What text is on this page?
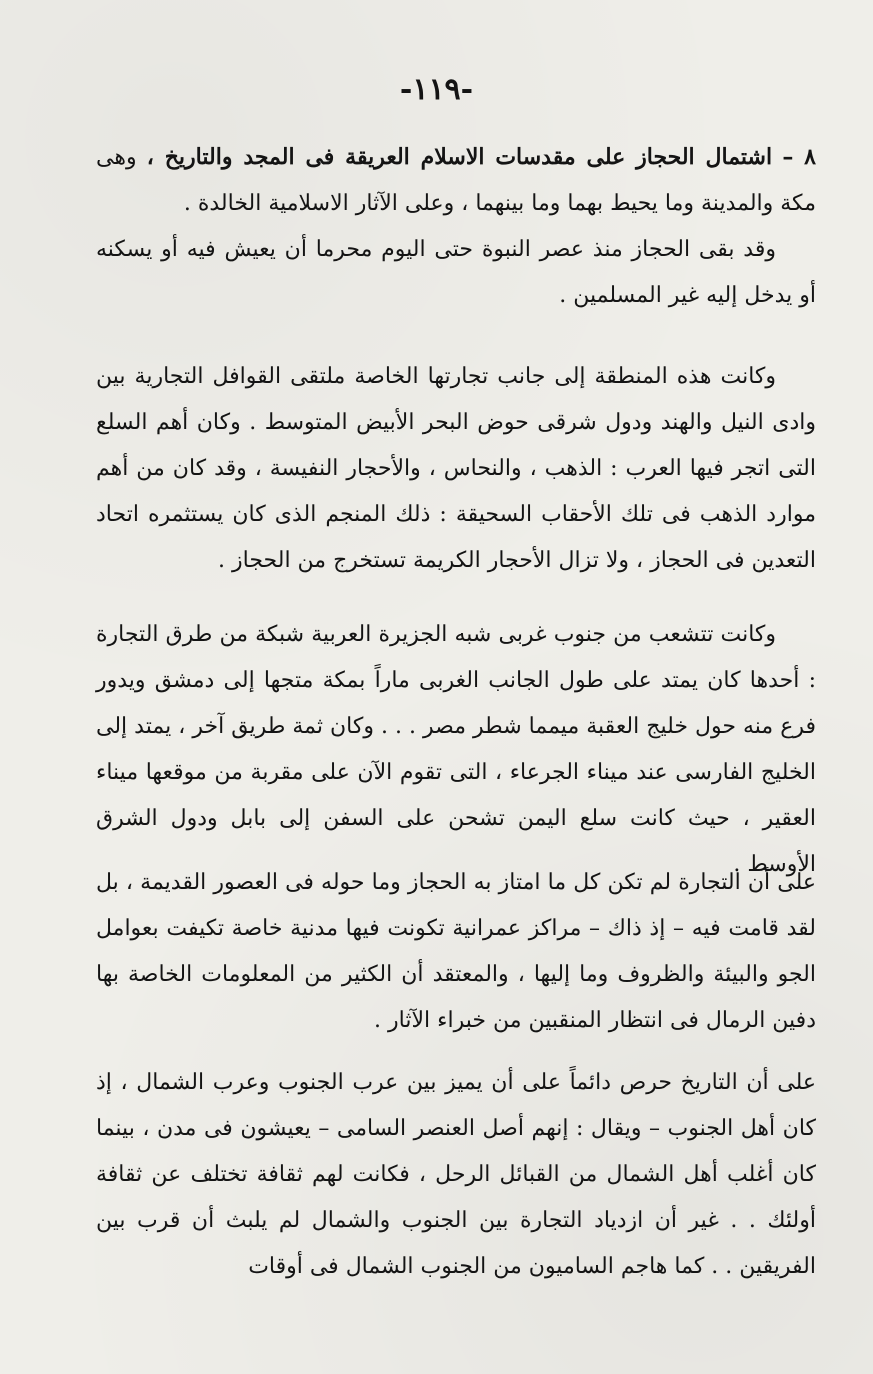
-١١٩-

٨ – اشتمال الحجاز على مقدسات الاسلام العريقة فى المجد والتاريخ ، وهى مكة والمدينة وما يحيط بهما وما بينهما ، وعلى الآثار الاسلامية الخالدة .

وقد بقى الحجاز منذ عصر النبوة حتى اليوم محرما أن يعيش فيه أو يسكنه أو يدخل إليه غير المسلمين .

وكانت هذه المنطقة إلى جانب تجارتها الخاصة ملتقى القوافل التجارية بين وادى النيل والهند ودول شرقى حوض البحر الأبيض المتوسط . وكان أهم السلع التى اتجر فيها العرب : الذهب ، والنحاس ، والأحجار النفيسة ، وقد كان من أهم موارد الذهب فى تلك الأحقاب السحيقة : ذلك المنجم الذى كان يستثمره اتحاد التعدين فى الحجاز ، ولا تزال الأحجار الكريمة تستخرج من الحجاز .

وكانت تتشعب من جنوب غربى شبه الجزيرة العربية شبكة من طرق التجارة : أحدها كان يمتد على طول الجانب الغربى ماراً بمكة متجها إلى دمشق ويدور فرع منه حول خليج العقبة ميمما شطر مصر . . . وكان ثمة طريق آخر ، يمتد إلى الخليج الفارسى عند ميناء الجرعاء ، التى تقوم الآن على مقربة من موقعها ميناء العقير ، حيث كانت سلع اليمن تشحن على السفن إلى بابل ودول الشرق الأوسط .

على أن التجارة لم تكن كل ما امتاز به الحجاز وما حوله فى العصور القديمة ، بل لقد قامت فيه – إذ ذاك – مراكز عمرانية تكونت فيها مدنية خاصة تكيفت بعوامل الجو والبيئة والظروف وما إليها ، والمعتقد أن الكثير من المعلومات الخاصة بها دفين الرمال فى انتظار المنقبين من خبراء الآثار .

على أن التاريخ حرص دائماً على أن يميز بين عرب الجنوب وعرب الشمال ، إذ كان أهل الجنوب – ويقال : إنهم أصل العنصر السامى – يعيشون فى مدن ، بينما كان أغلب أهل الشمال من القبائل الرحل ، فكانت لهم ثقافة تختلف عن ثقافة أولئك . . غير أن ازدياد التجارة بين الجنوب والشمال لم يلبث أن قرب بين الفريقين . . كما هاجم الساميون من الجنوب الشمال فى أوقات
